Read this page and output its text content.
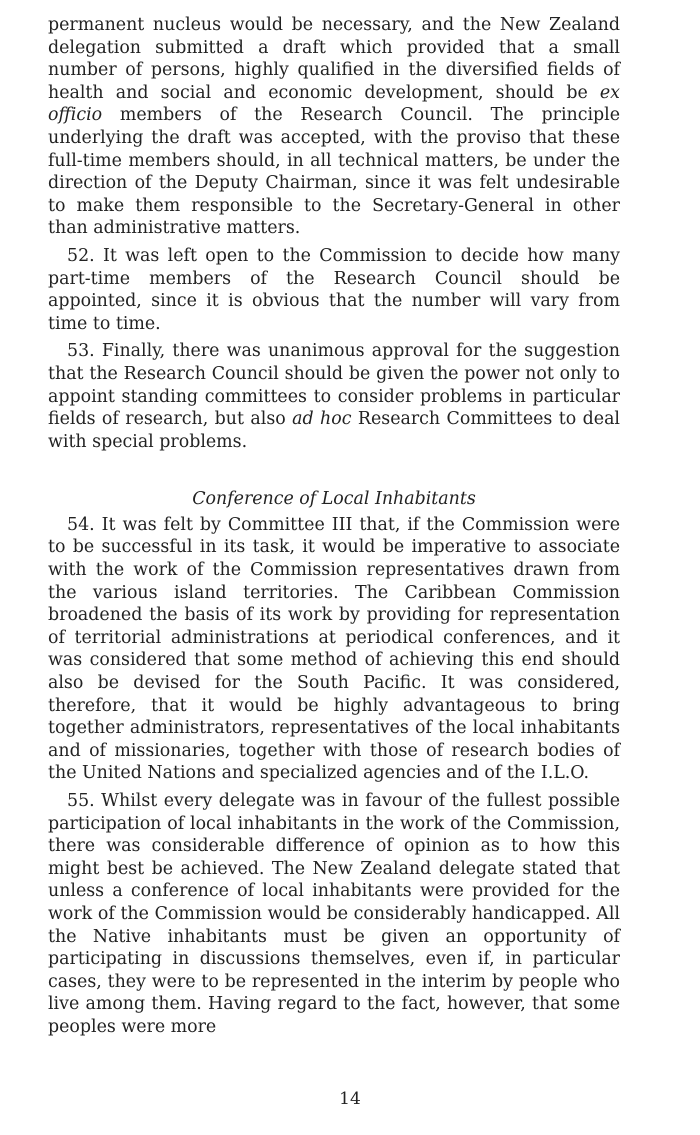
permanent nucleus would be necessary, and the New Zealand delegation submitted a draft which provided that a small number of persons, highly qualified in the diversified fields of health and social and economic development, should be ex officio members of the Research Council. The principle underlying the draft was accepted, with the proviso that these full-time members should, in all technical matters, be under the direction of the Deputy Chairman, since it was felt undesirable to make them responsible to the Secretary-General in other than administrative matters.

52. It was left open to the Commission to decide how many part-time members of the Research Council should be appointed, since it is obvious that the number will vary from time to time.

53. Finally, there was unanimous approval for the suggestion that the Research Council should be given the power not only to appoint standing committees to consider problems in particular fields of research, but also ad hoc Research Committees to deal with special problems.

Conference of Local Inhabitants

54. It was felt by Committee III that, if the Commission were to be successful in its task, it would be imperative to associate with the work of the Commission representatives drawn from the various island territories. The Caribbean Commission broadened the basis of its work by providing for representation of territorial administrations at periodical conferences, and it was considered that some method of achieving this end should also be devised for the South Pacific. It was considered, therefore, that it would be highly advantageous to bring together administrators, representatives of the local inhabitants and of missionaries, together with those of research bodies of the United Nations and specialized agencies and of the I.L.O.

55. Whilst every delegate was in favour of the fullest possible participation of local inhabitants in the work of the Commission, there was considerable difference of opinion as to how this might best be achieved. The New Zealand delegate stated that unless a conference of local inhabitants were provided for the work of the Commission would be considerably handicapped. All the Native inhabitants must be given an opportunity of participating in discussions themselves, even if, in particular cases, they were to be represented in the interim by people who live among them. Having regard to the fact, however, that some peoples were more

14
